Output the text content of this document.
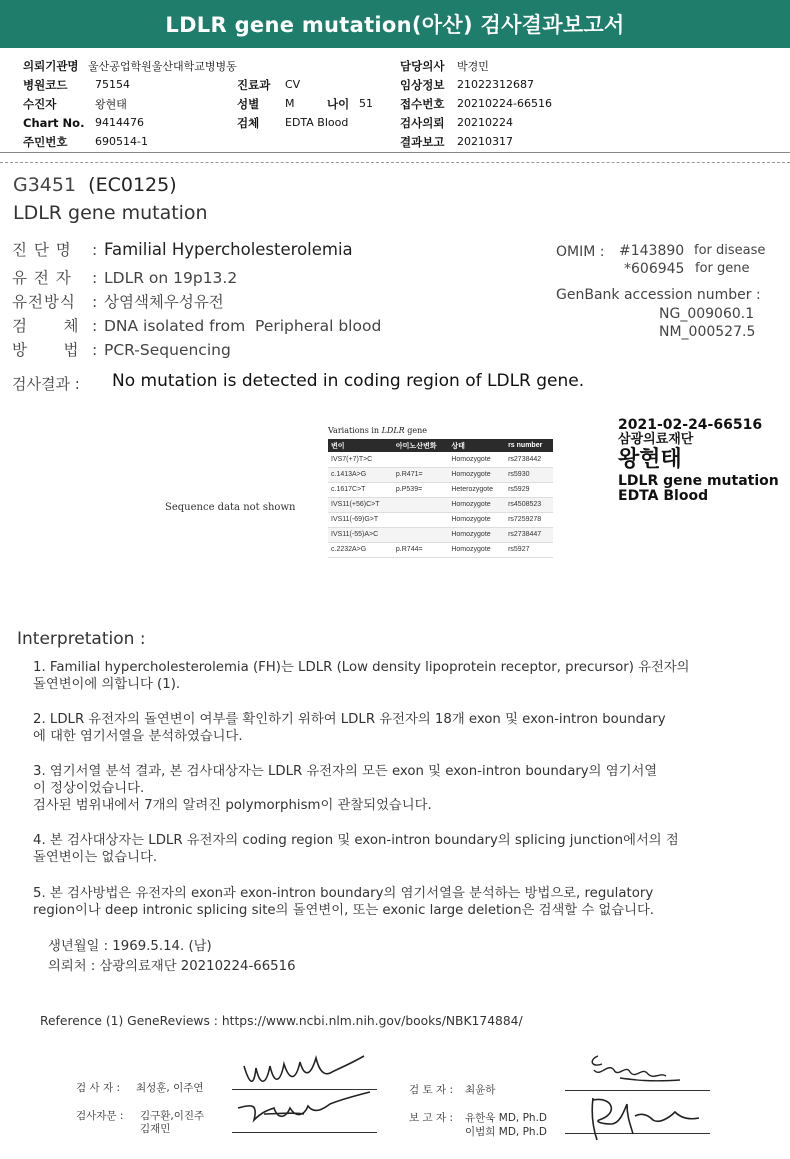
LDLR gene mutation(아산) 검사결과보고서
의뢰기관명 울산공업학원울산대학교병병동
병원코드	75154
수진자	왕현태
Chart No. 9414476
주민번호	690514-1
진료과	CV
성별	M	나이 51
검체	EDTA Blood
담당의사	박경민
임상정보	21022312687
접수번호	20210224-66516
검사의뢰	20210224
결과보고	20210317
G3451 (EC0125)
LDLR gene mutation
진 단 명 : Familial Hypercholesterolemia
유 전 자 : LDLR on 19p13.2
유전방식 : 상염색체우성유전
검      체 : DNA isolated from  Peripheral blood
방      법 : PCR-Sequencing
OMIM : #143890 for disease
*606945 for gene
GenBank accession number :
NG_009060.1
NM_000527.5
검사결과 : No mutation is detected in coding region of LDLR gene.
Sequence data not shown
Variations in LDLR gene
변이	아미노산변화	상태	rs number
IVS7(+7)T>C		Homozygote	rs2738442
c.1413A>G	p.R471=	Homozygote	rs5930
c.1617C>T	p.P539=	Heterozygote	rs5929
IVS11(+56)C>T		Homozygote	rs4508523
IVS11(-69)G>T		Homozygote	rs7259278
IVS11(-55)A>C		Homozygote	rs2738447
c.2232A>G	p.R744=	Homozygote	rs5927
2021-02-24-66516
삼광의료재단
왕현태
LDLR gene mutation
EDTA Blood
Interpretation :
1. Familial hypercholesterolemia (FH)는 LDLR (Low density lipoprotein receptor, precursor) 유전자의
돌연변이에 의합니다 (1).
2. LDLR 유전자의 돌연변이 여부를 확인하기 위하여 LDLR 유전자의 18개 exon 및 exon-intron boundary
에 대한 염기서열을 분석하였습니다.
3. 염기서열 분석 결과, 본 검사대상자는 LDLR 유전자의 모든 exon 및 exon-intron boundary의 염기서열
이 정상이었습니다.
검사된 범위내에서 7개의 알려진 polymorphism이 관찰되었습니다.
4. 본 검사대상자는 LDLR 유전자의 coding region 및 exon-intron boundary의 splicing junction에서의 점
돌연변이는 없습니다.
5. 본 검사방법은 유전자의 exon과 exon-intron boundary의 염기서열을 분석하는 방법으로, regulatory
region이나 deep intronic splicing site의 돌연변이, 또는 exonic large deletion은 검색할 수 없습니다.
생년월일 : 1969.5.14. (남)
의뢰처 : 삼광의료재단 20210224-66516
Reference (1) GeneReviews : https://www.ncbi.nlm.nih.gov/books/NBK174884/
검 사 자 : 최성훈, 이주연
검사자문 : 김구환,이진주
김재민
검 토 자 : 최윤하
보 고 자 : 유한욱 MD, Ph.D
이범희 MD, Ph.D
